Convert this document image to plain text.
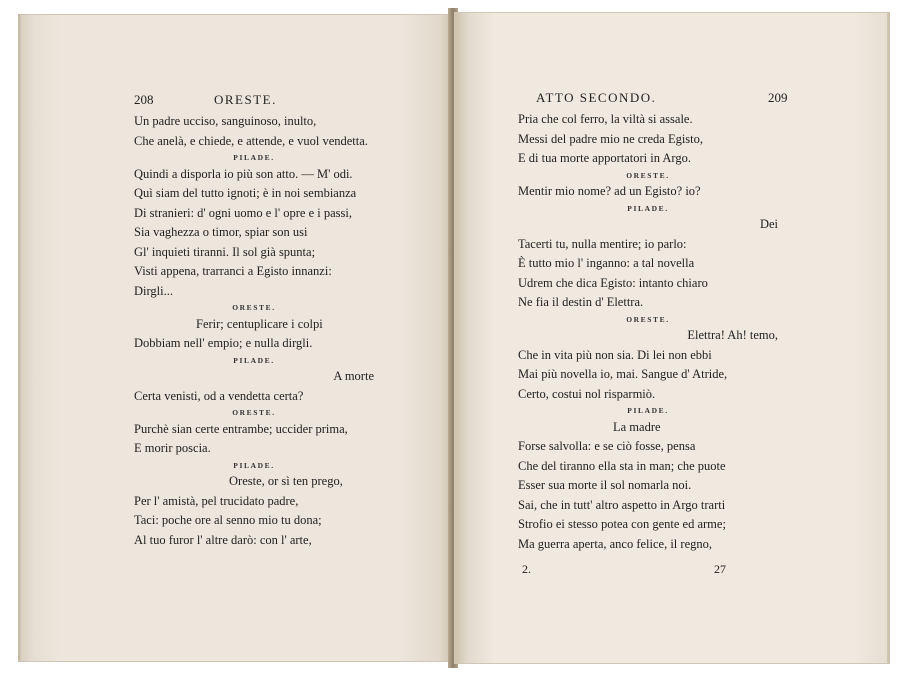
208	ORESTE.
Un padre ucciso, sanguinoso, inulto,
Che anelà, e chiede, e attende, e vuol vendetta.
PILADE.
Quindi a disporla io più son atto. — M' odi.
Quì siam del tutto ignoti; è in noi sembianza
Di stranieri: d' ogni uomo e l' opre e i passi,
Sia vaghezza o timor, spiar son usi
Gl' inquieti tiranni. Il sol già spunta;
Visti appena, trarranci a Egisto innanzi:
Dirgli...
ORESTE.
Ferir; centuplicare i colpi
Dobbiam nell' empio; e nulla dirgli.
PILADE.
A morte
Certa venisti, od a vendetta certa?
ORESTE.
Purchè sian certe entrambe; uccider prima,
E morir poscia.
PILADE.
Oreste, or sì ten prego,
Per l' amistà, pel trucidato padre,
Taci: poche ore al senno mio tu dona;
Al tuo furor l' altre darò: con l' arte,
ATTO SECONDO.	209
Pria che col ferro, la viltà si assale.
Messi del padre mio ne creda Egisto,
E di tua morte apportatori in Argo.
ORESTE.
Mentir mio nome? ad un Egisto? io?
PILADE.
Dei
Tacerti tu, nulla mentire; io parlo:
È tutto mio l' inganno: a tal novella
Udrem che dica Egisto: intanto chiaro
Ne fia il destin d' Elettra.
ORESTE.
Elettra! Ah! temo,
Che in vita più non sia. Di lei non ebbi
Mai più novella io, mai. Sangue d' Atride,
Certo, costui nol risparmiò.
PILADE.
La madre
Forse salvolla: e se ciò fosse, pensa
Che del tiranno ella sta in man; che puote
Esser sua morte il sol nomarla noi.
Sai, che in tutt' altro aspetto in Argo trarti
Strofio ei stesso potea con gente ed arme;
Ma guerra aperta, anco felice, il regno,
2.	27
